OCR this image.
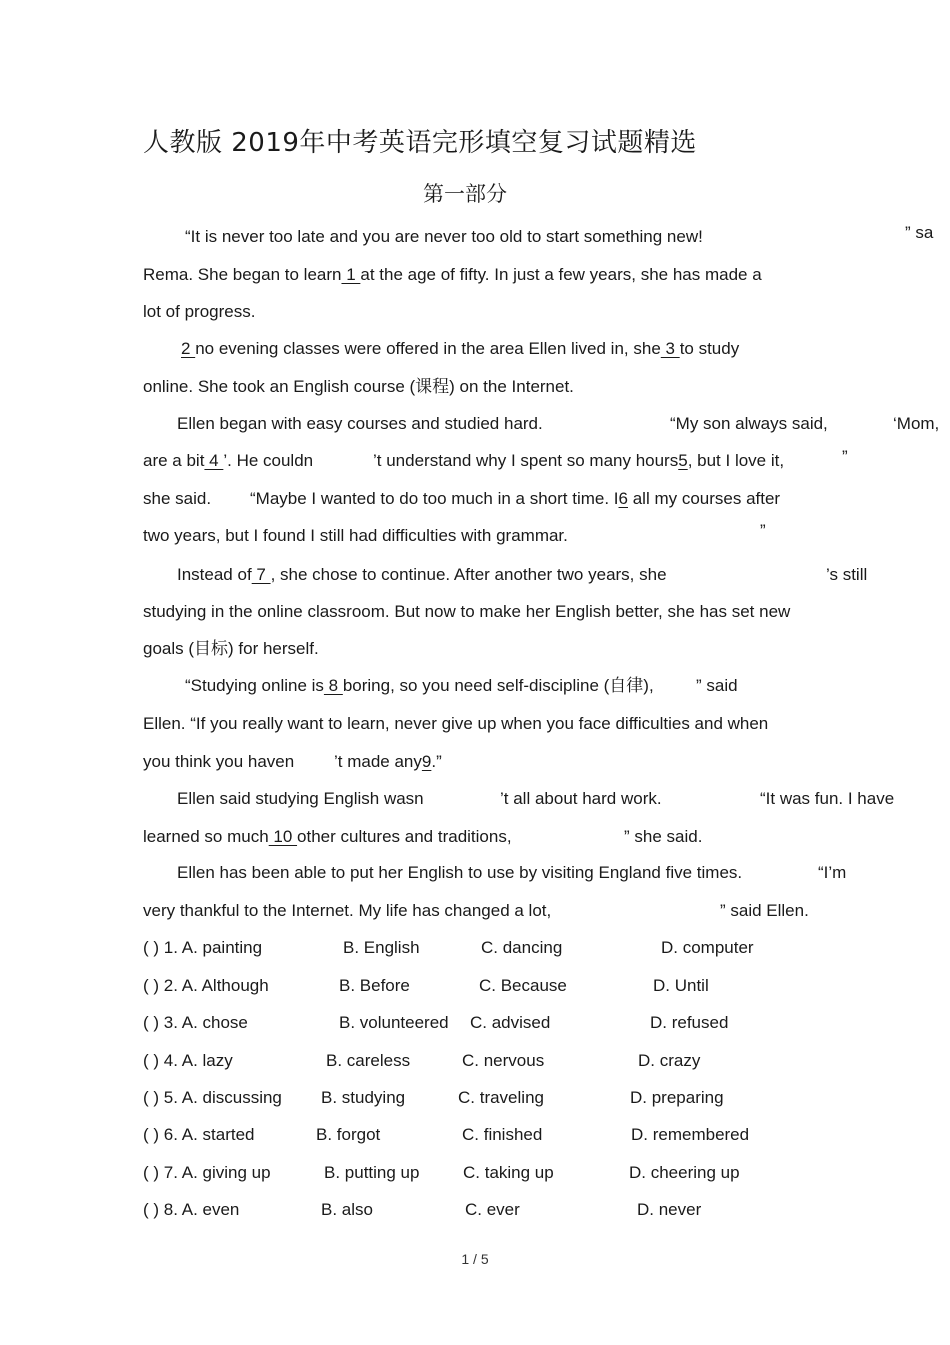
人教版 2019年中考英语完形填空复习试题精选
第一部分
“It is never too late and you are never too old to start something new!	” sa
Rema. She began to learn 1 at the age of fifty. In just a few years, she has made a
lot of progress.
2 no evening classes were offered in the area Ellen lived in, she 3 to study
online. She took an English course (课程) on the Internet.
Ellen began with easy courses and studied hard.	“My son always said,	‘Mom,
are a bit 4 ’. He couldn	’t understand why I spent so many hours5, but I love it,	”
she said. “Maybe I wanted to do too much in a short time. I6 all my courses after
two years, but I found I still had difficulties with grammar.	”
Instead of 7 , she chose to continue. After another two years, she	’s still
studying in the online classroom. But now to make her English better, she has set new
goals (目标) for herself.
“Studying online is 8 boring, so you need self-discipline (自律), ” said
Ellen. “If you really want to learn, never give up when you face difficulties and when
you think you haven ’t made any9.”
Ellen said studying English wasn	’t all about hard work.	“It was fun. I have
learned so much 10 other cultures and traditions,	” she said.
Ellen has been able to put her English to use by visiting England five times.	“I’m
very thankful to the Internet. My life has changed a lot,	” said Ellen.
( ) 1. A. painting	B. English	C. dancing	D. computer
( ) 2. A. Although	B. Before	C. Because	D. Until
( ) 3. A. chose	B. volunteered C. advised	D. refused
( ) 4. A. lazy	B. careless	C. nervous	D. crazy
( ) 5. A. discussing B. studying	C. traveling	D. preparing
( ) 6. A. started	B. forgot	C. finished	D. remembered
( ) 7. A. giving up	B. putting up	C. taking up	D. cheering up
( ) 8. A. even	B. also	C. ever	D. never
1 / 5
